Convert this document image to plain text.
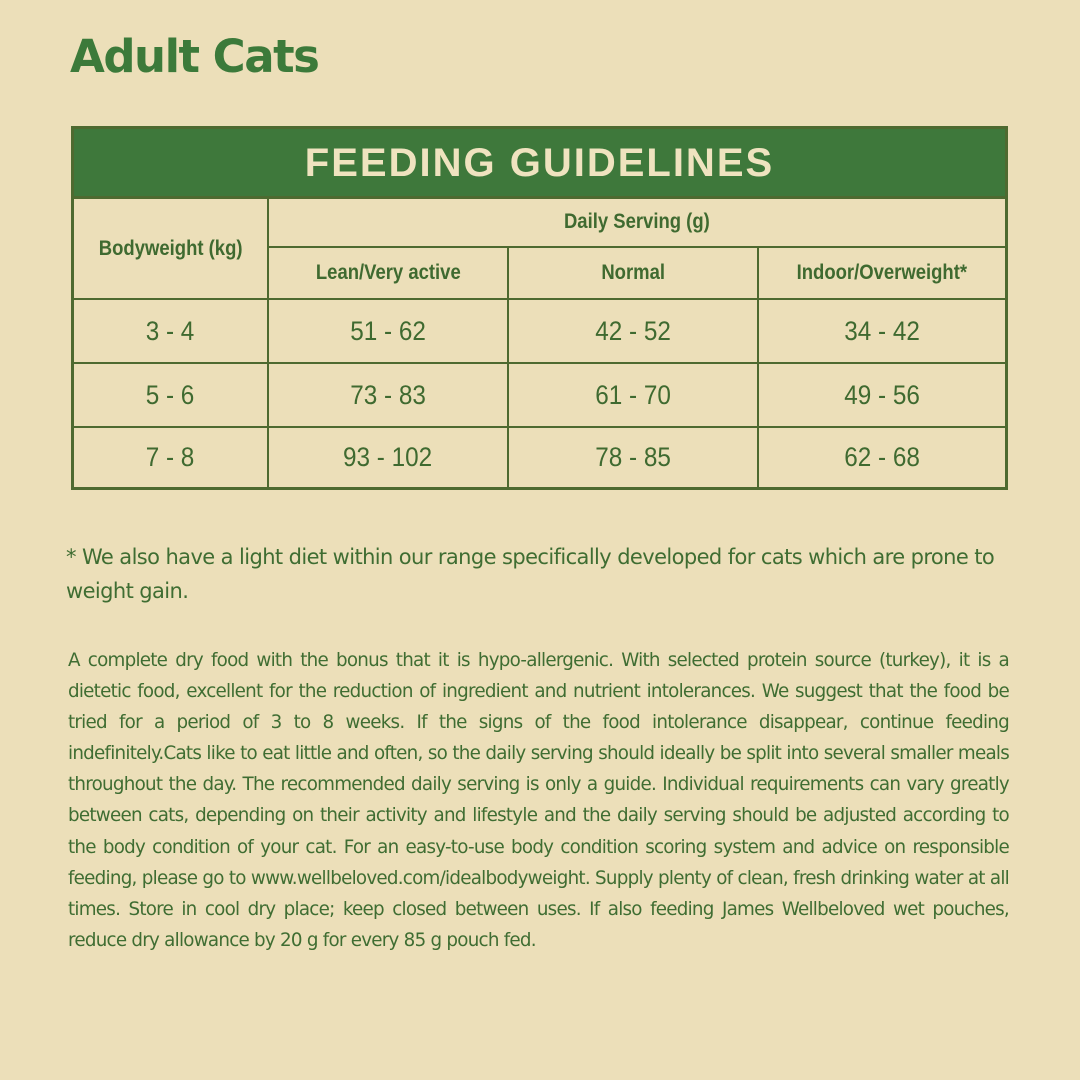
Adult Cats
FEEDING GUIDELINES
Bodyweight (kg)
Daily Serving (g)
Lean/Very active	Normal	Indoor/Overweight*
3 - 4	51 - 62	42 - 52	34 - 42
5 - 6	73 - 83	61 - 70	49 - 56
7 - 8	93 - 102	78 - 85	62 - 68

* We also have a light diet within our range specifically developed for cats which are prone to weight gain.

A complete dry food with the bonus that it is hypo-allergenic. With selected protein source (turkey), it is a dietetic food, excellent for the reduction of ingredient and nutrient intolerances. We suggest that the food be tried for a period of 3 to 8 weeks. If the signs of the food intolerance disappear, continue feeding indefinitely.Cats like to eat little and often, so the daily serving should ideally be split into several smaller meals throughout the day. The recommended daily serving is only a guide. Individual requirements can vary greatly between cats, depending on their activity and lifestyle and the daily serving should be adjusted according to the body condition of your cat. For an easy-to-use body condition scoring system and advice on responsible feeding, please go to www.wellbeloved.com/idealbodyweight. Supply plenty of clean, fresh drinking water at all times. Store in cool dry place; keep closed between uses. If also feeding James Wellbeloved wet pouches, reduce dry allowance by 20 g for every 85 g pouch fed.
